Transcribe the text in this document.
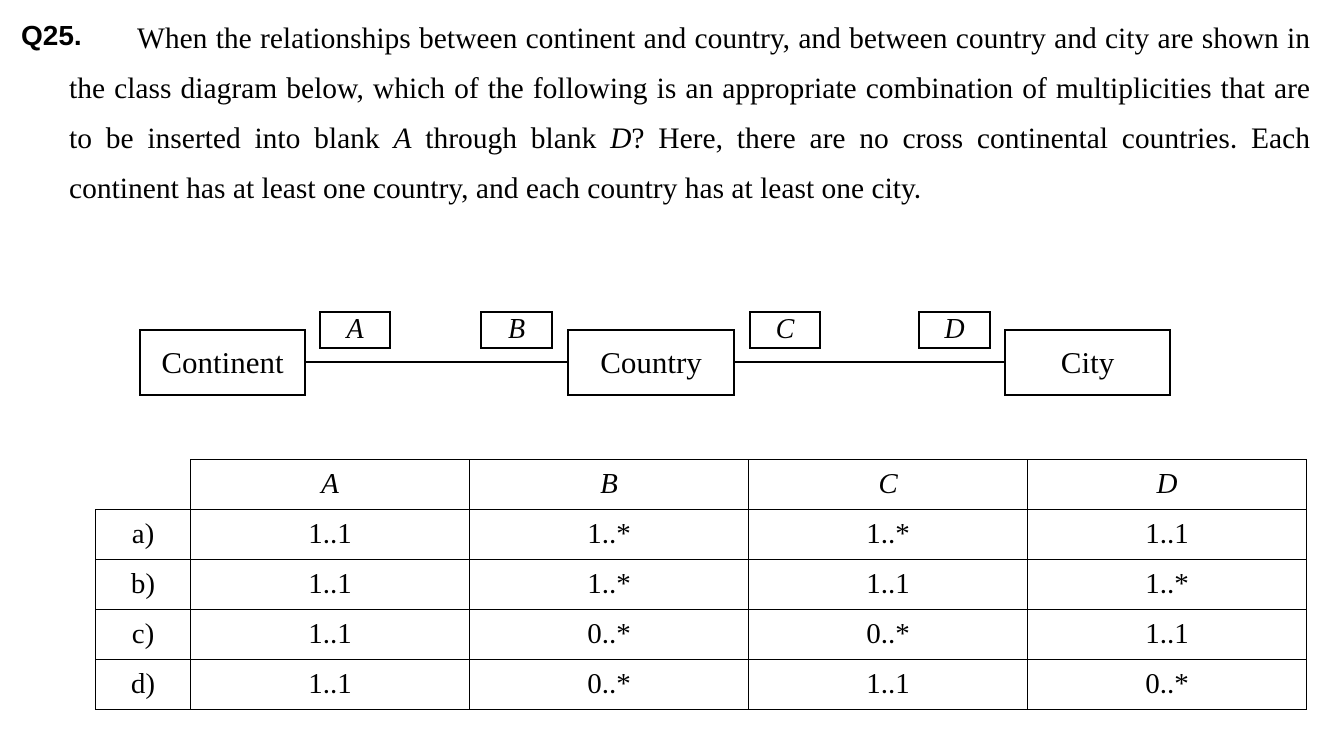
Q25.	When the relationships between continent and country, and between country and city are shown in the class diagram below, which of the following is an appropriate combination of multiplicities that are to be inserted into blank A through blank D? Here, there are no cross continental countries. Each continent has at least one country, and each country has at least one city.

Continent	Country	City
A	B	C	D
	A	B	C	D
a)	1..1	1..*	1..*	1..1
b)	1..1	1..*	1..1	1..*
c)	1..1	0..*	0..*	1..1
d)	1..1	0..*	1..1	0..*
